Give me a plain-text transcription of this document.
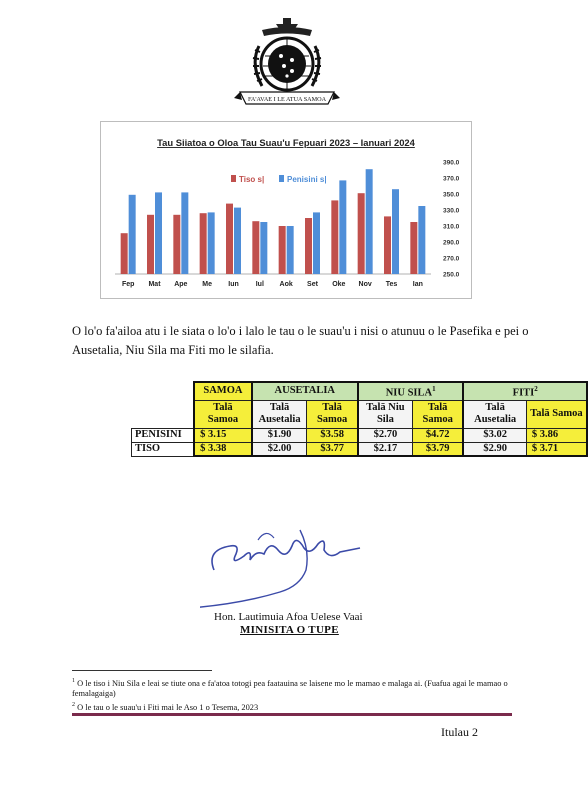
FA'AVAE I LE ATUA SAMOA
Tau Siiatoa o Oloa Tau Suau'u Fepuari 2023 – Ianuari 2024
Tiso s|	Penisini s|
Fep Mat Ape Me Iun Iul Aok Set Oke Nov Tes Ian
390.0
370.0
350.0
330.0
310.0
290.0
270.0
250.0
O lo'o fa'ailoa atu i le siata o lo'o i lalo le tau o le suau'u i nisi o atunuu o le Pasefika e pei o Ausetalia, Niu Sila ma Fiti mo le silafia.
	SAMOA	AUSETALIA		NIU SILA$^1$		FITI$^2$
	Talā Samoa	Talā Ausetalia	Talā Samoa	Talā Niu Sila	Talā Samoa	Talā Ausetalia	Talā Samoa
PENISINI	$ 3.15	$1.90	$3.58	$2.70	$4.72	$3.02	$ 3.86
TISO	$ 3.38	$2.00	$3.77	$2.17	$3.79	$2.90	$ 3.71
Hon. Lautimuia Afoa Uelese Vaai
MINISITA O TUPE
$^1$ O le tiso i Niu Sila e leai se tiute ona e fa'atoa totogi pea faatauina se laisene mo le mamao e malaga ai. (Fuafua agai le mamao o femalagaiga)
$^2$ O le tau o le suau'u i Fiti mai le Aso 1 o Tesema, 2023
Itulau 2
